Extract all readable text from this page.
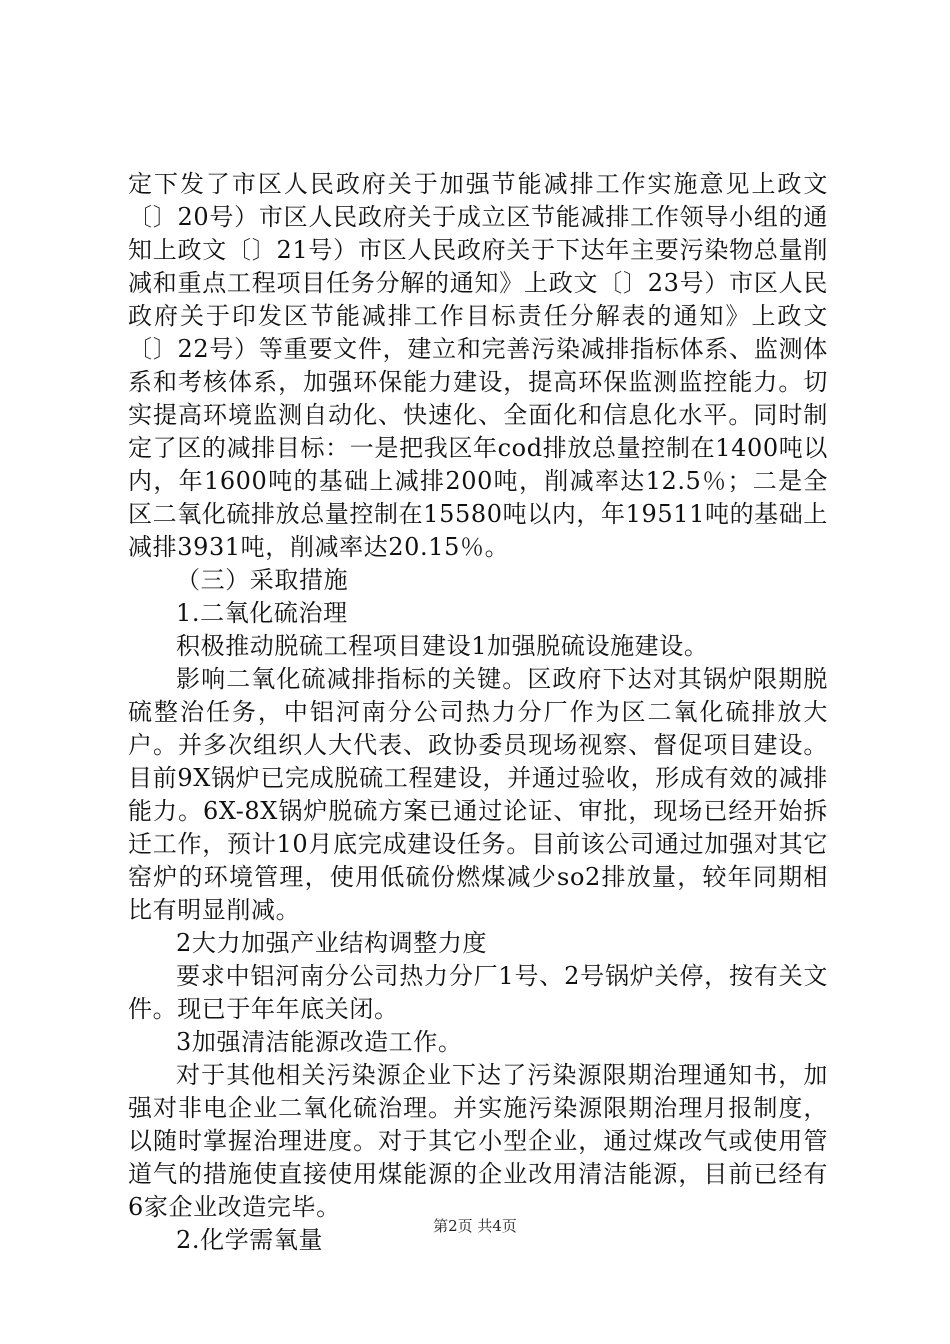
定下发了市区人民政府关于加强节能减排工作实施意见上政文〔〕20号）市区人民政府关于成立区节能减排工作领导小组的通知上政文〔〕21号）市区人民政府关于下达年主要污染物总量削减和重点工程项目任务分解的通知》上政文〔〕23号）市区人民政府关于印发区节能减排工作目标责任分解表的通知》上政文〔〕22号）等重要文件，建立和完善污染减排指标体系、监测体系和考核体系，加强环保能力建设，提高环保监测监控能力。切实提高环境监测自动化、快速化、全面化和信息化水平。同时制定了区的减排目标：一是把我区年cod排放总量控制在1400吨以内，年1600吨的基础上减排200吨，削减率达12.5％；二是全区二氧化硫排放总量控制在15580吨以内，年19511吨的基础上减排3931吨，削减率达20.15％。

（三）采取措施

1.二氧化硫治理

积极推动脱硫工程项目建设1加强脱硫设施建设。

影响二氧化硫减排指标的关键。区政府下达对其锅炉限期脱硫整治任务，中铝河南分公司热力分厂作为区二氧化硫排放大户。并多次组织人大代表、政协委员现场视察、督促项目建设。目前9X锅炉已完成脱硫工程建设，并通过验收，形成有效的减排能力。6X-8X锅炉脱硫方案已通过论证、审批，现场已经开始拆迁工作，预计10月底完成建设任务。目前该公司通过加强对其它窑炉的环境管理，使用低硫份燃煤减少so2排放量，较年同期相比有明显削减。

2大力加强产业结构调整力度

要求中铝河南分公司热力分厂1号、2号锅炉关停，按有关文件。现已于年年底关闭。

3加强清洁能源改造工作。

对于其他相关污染源企业下达了污染源限期治理通知书，加强对非电企业二氧化硫治理。并实施污染源限期治理月报制度，以随时掌握治理进度。对于其它小型企业，通过煤改气或使用管道气的措施使直接使用煤能源的企业改用清洁能源，目前已经有6家企业改造完毕。

2.化学需氧量	第2页 共4页
